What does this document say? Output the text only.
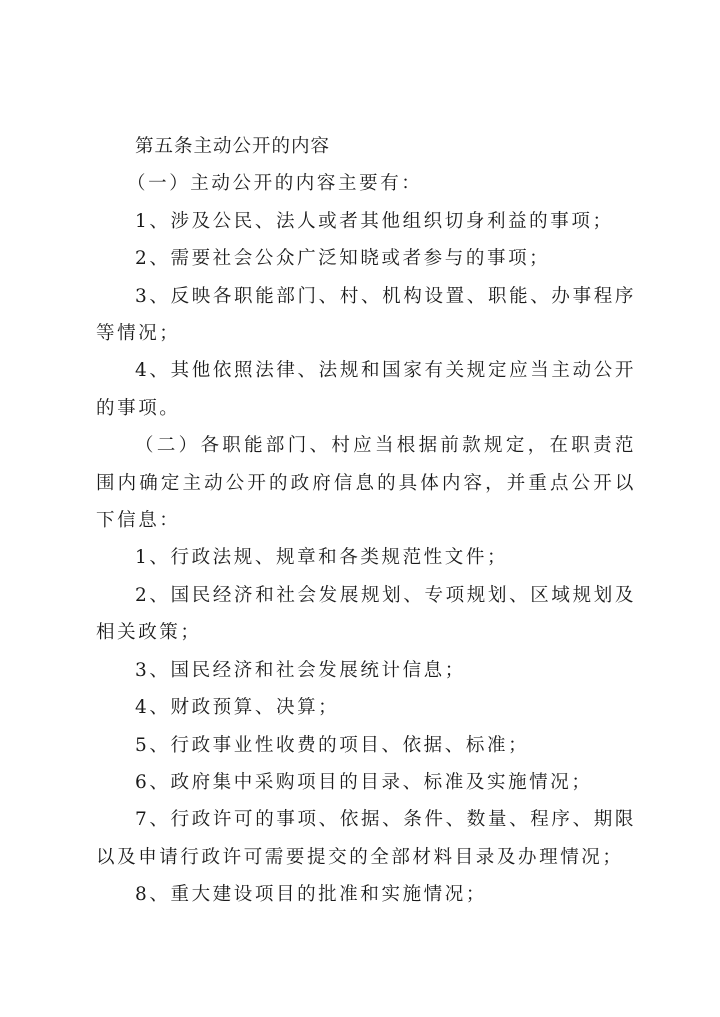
第五条主动公开的内容

（一）主动公开的内容主要有：

1、涉及公民、法人或者其他组织切身利益的事项；

2、需要社会公众广泛知晓或者参与的事项；

3、反映各职能部门、村、机构设置、职能、办事程序等情况；

4、其他依照法律、法规和国家有关规定应当主动公开的事项。

（二）各职能部门、村应当根据前款规定，在职责范围内确定主动公开的政府信息的具体内容，并重点公开以下信息：

1、行政法规、规章和各类规范性文件；

2、国民经济和社会发展规划、专项规划、区域规划及相关政策；

3、国民经济和社会发展统计信息；

4、财政预算、决算；

5、行政事业性收费的项目、依据、标准；

6、政府集中采购项目的目录、标准及实施情况；

7、行政许可的事项、依据、条件、数量、程序、期限以及申请行政许可需要提交的全部材料目录及办理情况；

8、重大建设项目的批准和实施情况；
